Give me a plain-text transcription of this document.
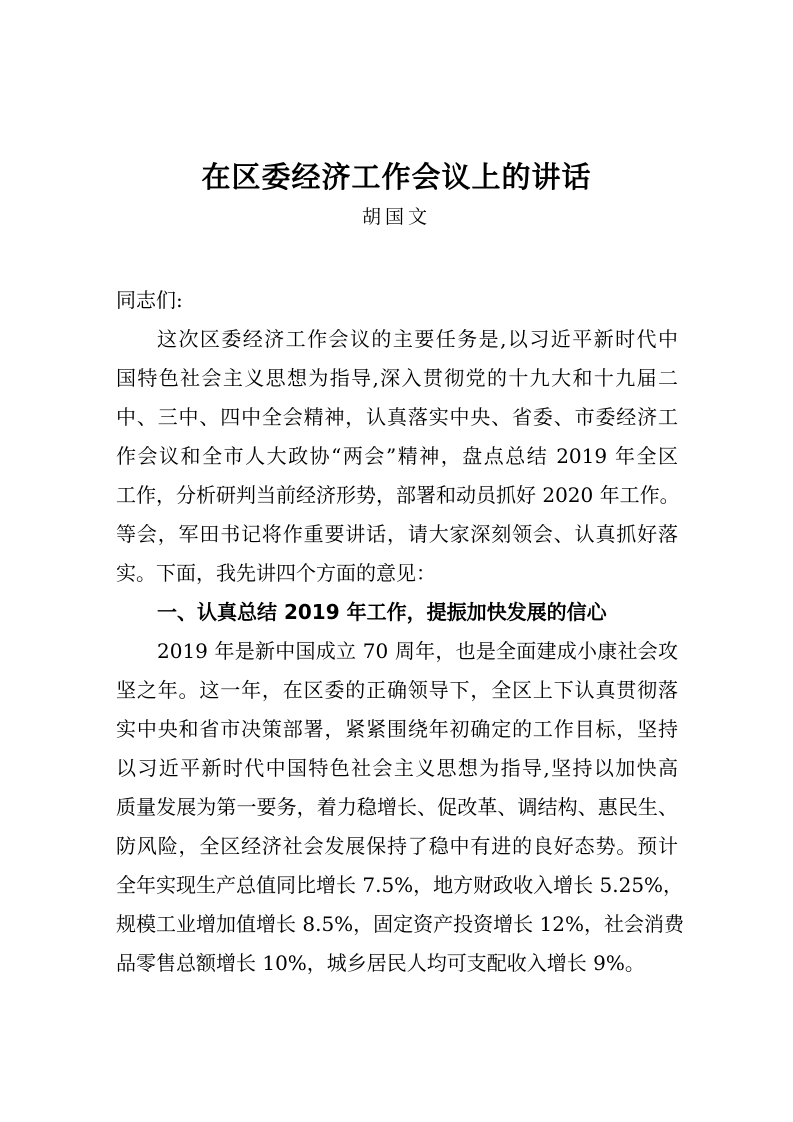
在区委经济工作会议上的讲话
胡国文
同志们:
这次区委经济工作会议的主要任务是,以习近平新时代中
国特色社会主义思想为指导,深入贯彻党的十九大和十九届二
中、三中、四中全会精神，认真落实中央、省委、市委经济工
作会议和全市人大政协“两会”精神，盘点总结 2019 年全区
工作，分析研判当前经济形势，部署和动员抓好 2020 年工作。
等会，军田书记将作重要讲话，请大家深刻领会、认真抓好落
实。下面，我先讲四个方面的意见：
一、认真总结 2019 年工作，提振加快发展的信心
2019 年是新中国成立 70 周年，也是全面建成小康社会攻
坚之年。这一年，在区委的正确领导下，全区上下认真贯彻落
实中央和省市决策部署，紧紧围绕年初确定的工作目标，坚持
以习近平新时代中国特色社会主义思想为指导,坚持以加快高
质量发展为第一要务，着力稳增长、促改革、调结构、惠民生、
防风险，全区经济社会发展保持了稳中有进的良好态势。预计
全年实现生产总值同比增长 7.5%，地方财政收入增长 5.25%，
规模工业增加值增长 8.5%，固定资产投资增长 12%，社会消费
品零售总额增长 10%，城乡居民人均可支配收入增长 9%。
